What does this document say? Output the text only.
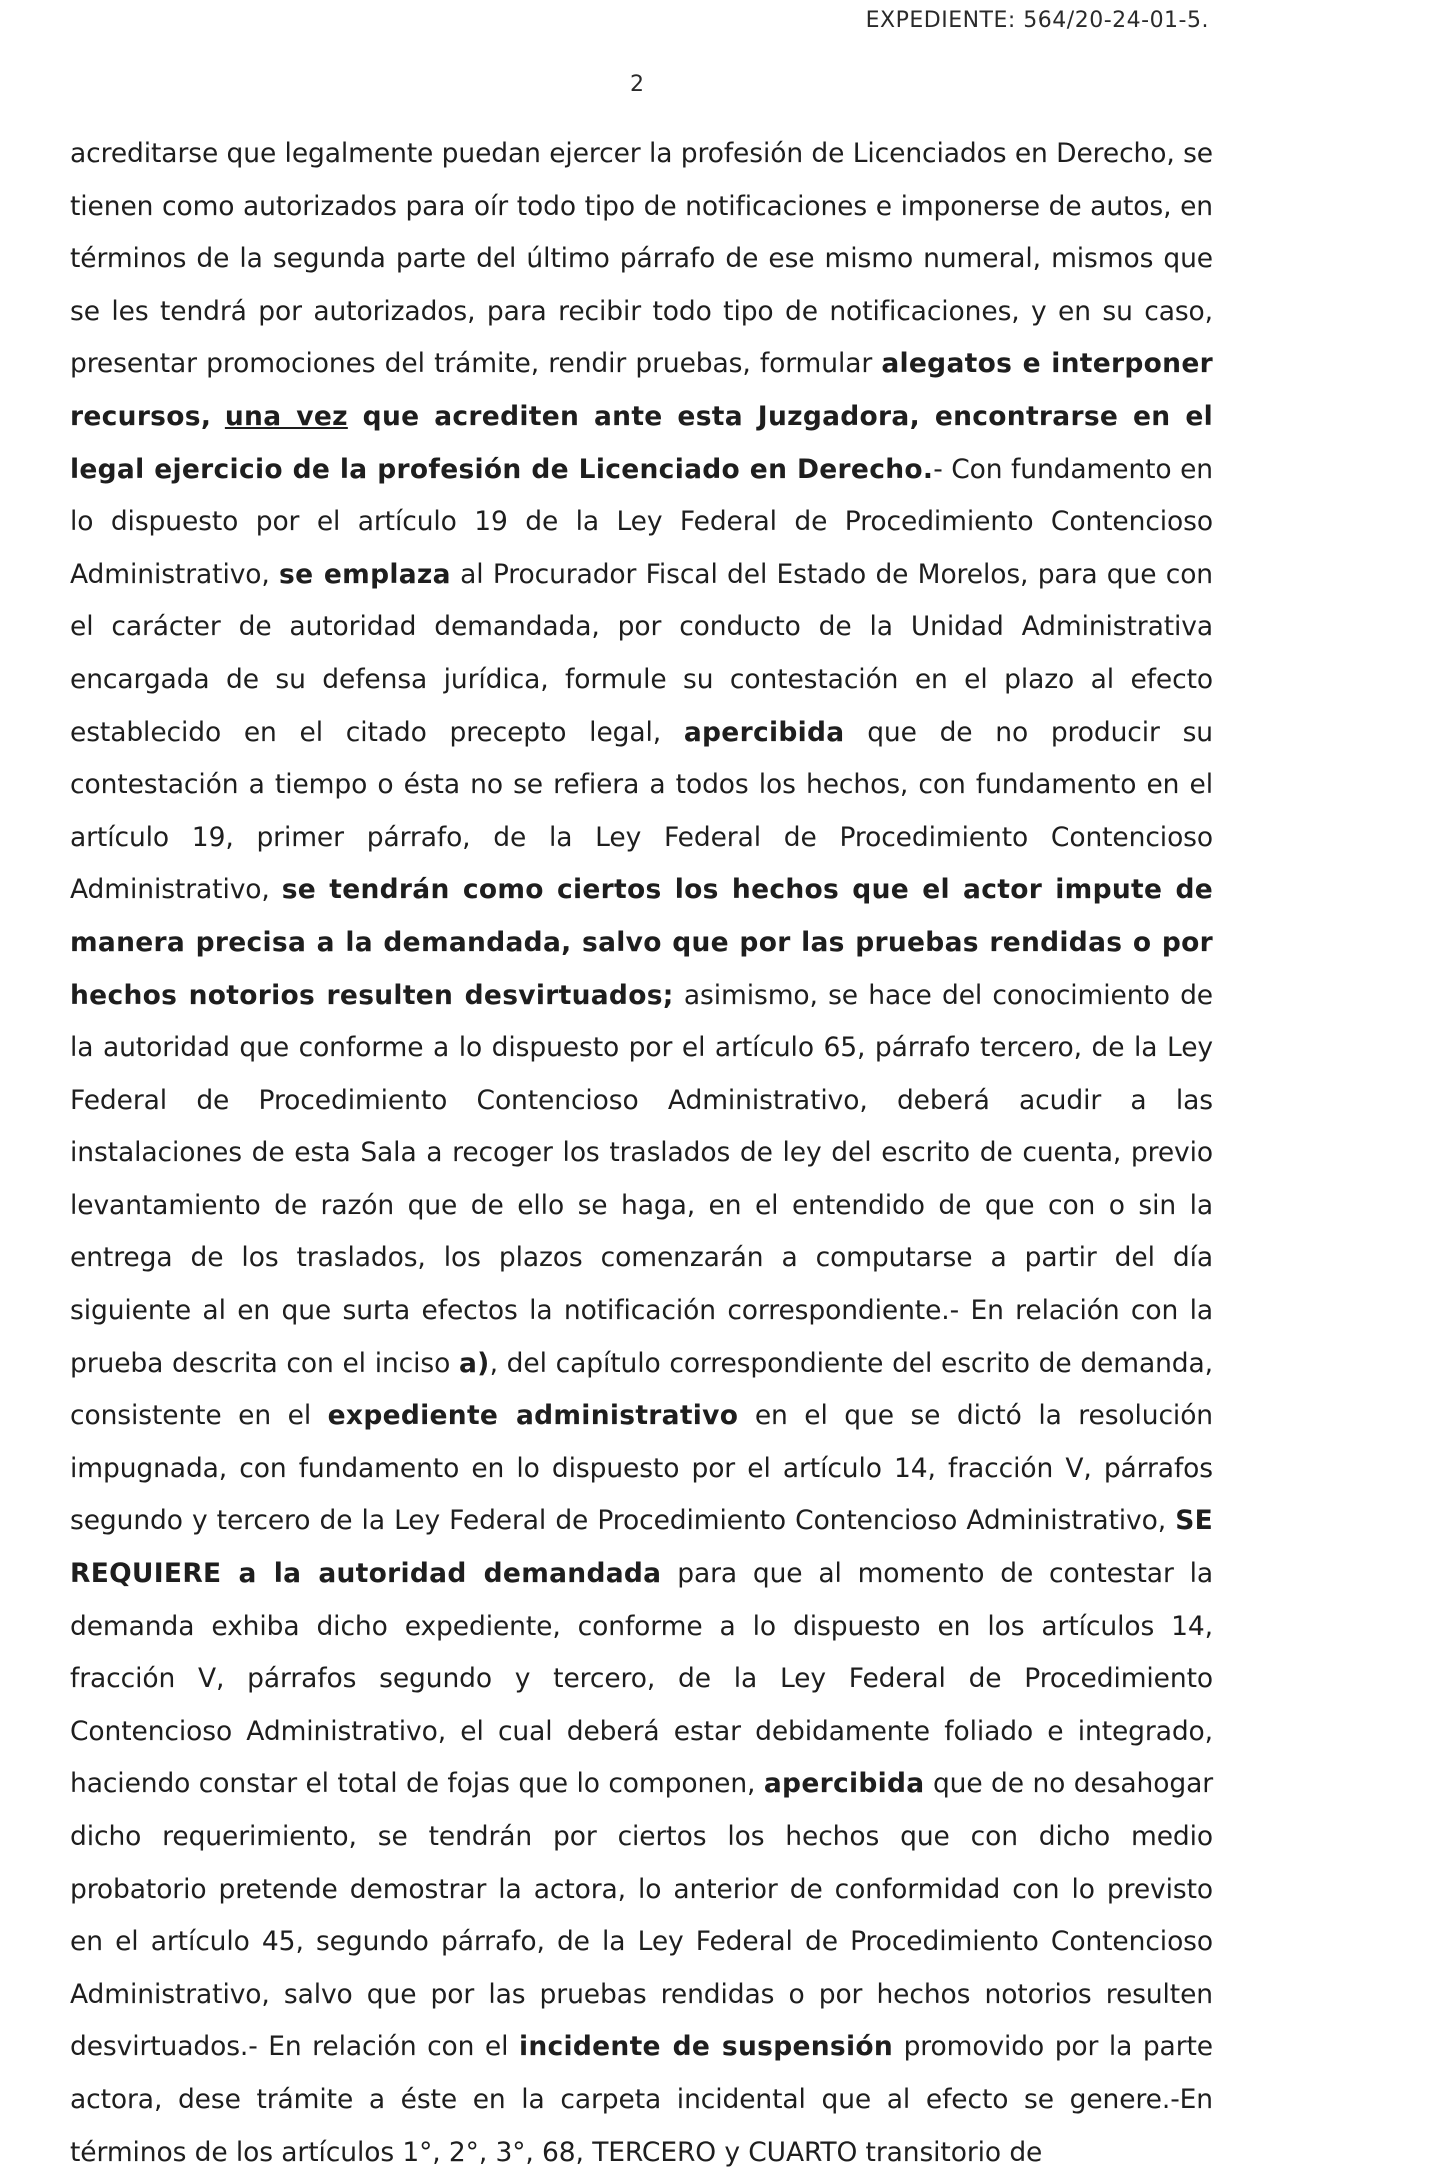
EXPEDIENTE: 564/20-24-01-5.
2
acreditarse que legalmente puedan ejercer la profesión de Licenciados en Derecho, se tienen como autorizados para oír todo tipo de notificaciones e imponerse de autos, en términos de la segunda parte del último párrafo de ese mismo numeral, mismos que se les tendrá por autorizados, para recibir todo tipo de notificaciones, y en su caso, presentar promociones del trámite, rendir pruebas, formular alegatos e interponer recursos, una vez que acrediten ante esta Juzgadora, encontrarse en el legal ejercicio de la profesión de Licenciado en Derecho.- Con fundamento en lo dispuesto por el artículo 19 de la Ley Federal de Procedimiento Contencioso Administrativo, se emplaza al Procurador Fiscal del Estado de Morelos, para que con el carácter de autoridad demandada, por conducto de la Unidad Administrativa encargada de su defensa jurídica, formule su contestación en el plazo al efecto establecido en el citado precepto legal, apercibida que de no producir su contestación a tiempo o ésta no se refiera a todos los hechos, con fundamento en el artículo 19, primer párrafo, de la Ley Federal de Procedimiento Contencioso Administrativo, se tendrán como ciertos los hechos que el actor impute de manera precisa a la demandada, salvo que por las pruebas rendidas o por hechos notorios resulten desvirtuados; asimismo, se hace del conocimiento de la autoridad que conforme a lo dispuesto por el artículo 65, párrafo tercero, de la Ley Federal de Procedimiento Contencioso Administrativo, deberá acudir a las instalaciones de esta Sala a recoger los traslados de ley del escrito de cuenta, previo levantamiento de razón que de ello se haga, en el entendido de que con o sin la entrega de los traslados, los plazos comenzarán a computarse a partir del día siguiente al en que surta efectos la notificación correspondiente.- En relación con la prueba descrita con el inciso a), del capítulo correspondiente del escrito de demanda, consistente en el expediente administrativo en el que se dictó la resolución impugnada, con fundamento en lo dispuesto por el artículo 14, fracción V, párrafos segundo y tercero de la Ley Federal de Procedimiento Contencioso Administrativo, SE REQUIERE a la autoridad demandada para que al momento de contestar la demanda exhiba dicho expediente, conforme a lo dispuesto en los artículos 14, fracción V, párrafos segundo y tercero, de la Ley Federal de Procedimiento Contencioso Administrativo, el cual deberá estar debidamente foliado e integrado, haciendo constar el total de fojas que lo componen, apercibida que de no desahogar dicho requerimiento, se tendrán por ciertos los hechos que con dicho medio probatorio pretende demostrar la actora, lo anterior de conformidad con lo previsto en el artículo 45, segundo párrafo, de la Ley Federal de Procedimiento Contencioso Administrativo, salvo que por las pruebas rendidas o por hechos notorios resulten desvirtuados.- En relación con el incidente de suspensión promovido por la parte actora, dese trámite a éste en la carpeta incidental que al efecto se genere.-En términos de los artículos 1°, 2°, 3°, 68, TERCERO y CUARTO transitorio de
